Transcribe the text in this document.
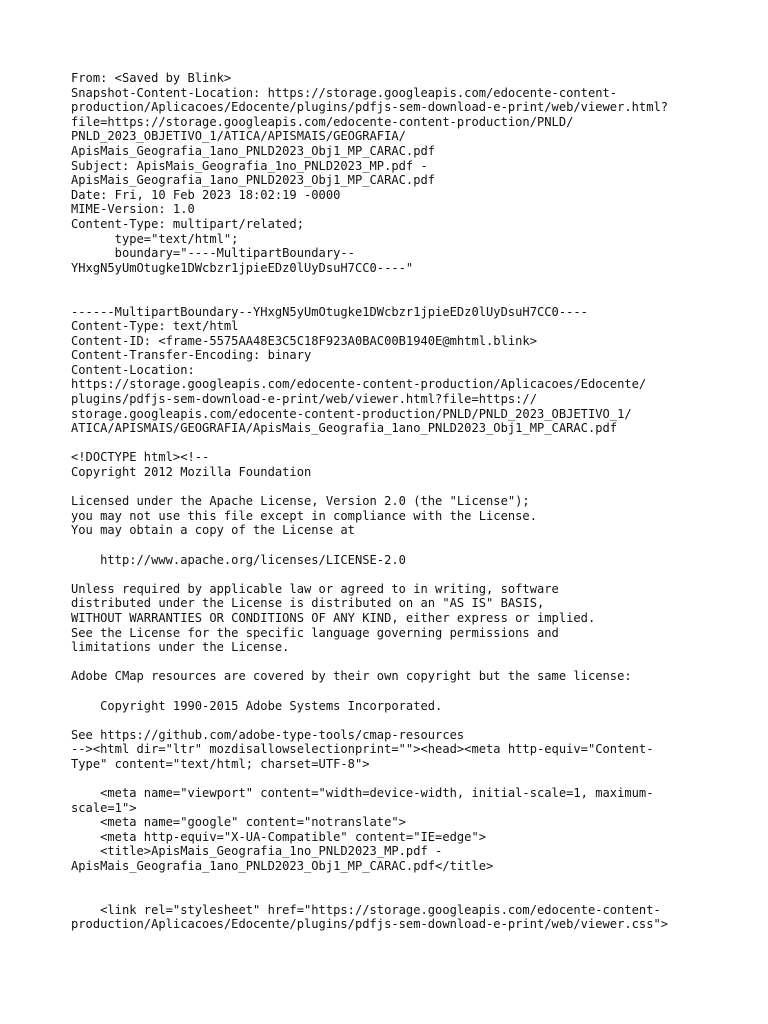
From: <Saved by Blink>
Snapshot-Content-Location: https://storage.googleapis.com/edocente-content-
production/Aplicacoes/Edocente/plugins/pdfjs-sem-download-e-print/web/viewer.html?
file=https://storage.googleapis.com/edocente-content-production/PNLD/
PNLD_2023_OBJETIVO_1/ATICA/APISMAIS/GEOGRAFIA/
ApisMais_Geografia_1ano_PNLD2023_Obj1_MP_CARAC.pdf
Subject: ApisMais_Geografia_1no_PNLD2023_MP.pdf -
ApisMais_Geografia_1ano_PNLD2023_Obj1_MP_CARAC.pdf
Date: Fri, 10 Feb 2023 18:02:19 -0000
MIME-Version: 1.0
Content-Type: multipart/related;
type="text/html";
boundary="----MultipartBoundary--
YHxgN5yUmOtugke1DWcbzr1jpieEDz0lUyDsuH7CC0----"
------MultipartBoundary--YHxgN5yUmOtugke1DWcbzr1jpieEDz0lUyDsuH7CC0----
Content-Type: text/html
Content-ID: <frame-5575AA48E3C5C18F923A0BAC00B1940E@mhtml.blink>
Content-Transfer-Encoding: binary
Content-Location:
https://storage.googleapis.com/edocente-content-production/Aplicacoes/Edocente/
plugins/pdfjs-sem-download-e-print/web/viewer.html?file=https://
storage.googleapis.com/edocente-content-production/PNLD/PNLD_2023_OBJETIVO_1/
ATICA/APISMAIS/GEOGRAFIA/ApisMais_Geografia_1ano_PNLD2023_Obj1_MP_CARAC.pdf
<!DOCTYPE html><!--
Copyright 2012 Mozilla Foundation
Licensed under the Apache License, Version 2.0 (the "License");
you may not use this file except in compliance with the License.
You may obtain a copy of the License at
http://www.apache.org/licenses/LICENSE-2.0
Unless required by applicable law or agreed to in writing, software
distributed under the License is distributed on an "AS IS" BASIS,
WITHOUT WARRANTIES OR CONDITIONS OF ANY KIND, either express or implied.
See the License for the specific language governing permissions and
limitations under the License.
Adobe CMap resources are covered by their own copyright but the same license:
Copyright 1990-2015 Adobe Systems Incorporated.
See https://github.com/adobe-type-tools/cmap-resources
--><html dir="ltr" mozdisallowselectionprint=""><head><meta http-equiv="Content-
Type" content="text/html; charset=UTF-8">
<meta name="viewport" content="width=device-width, initial-scale=1, maximum-
scale=1">
<meta name="google" content="notranslate">
<meta http-equiv="X-UA-Compatible" content="IE=edge">
<title>ApisMais_Geografia_1no_PNLD2023_MP.pdf -
ApisMais_Geografia_1ano_PNLD2023_Obj1_MP_CARAC.pdf</title>
<link rel="stylesheet" href="https://storage.googleapis.com/edocente-content-
production/Aplicacoes/Edocente/plugins/pdfjs-sem-download-e-print/web/viewer.css">
